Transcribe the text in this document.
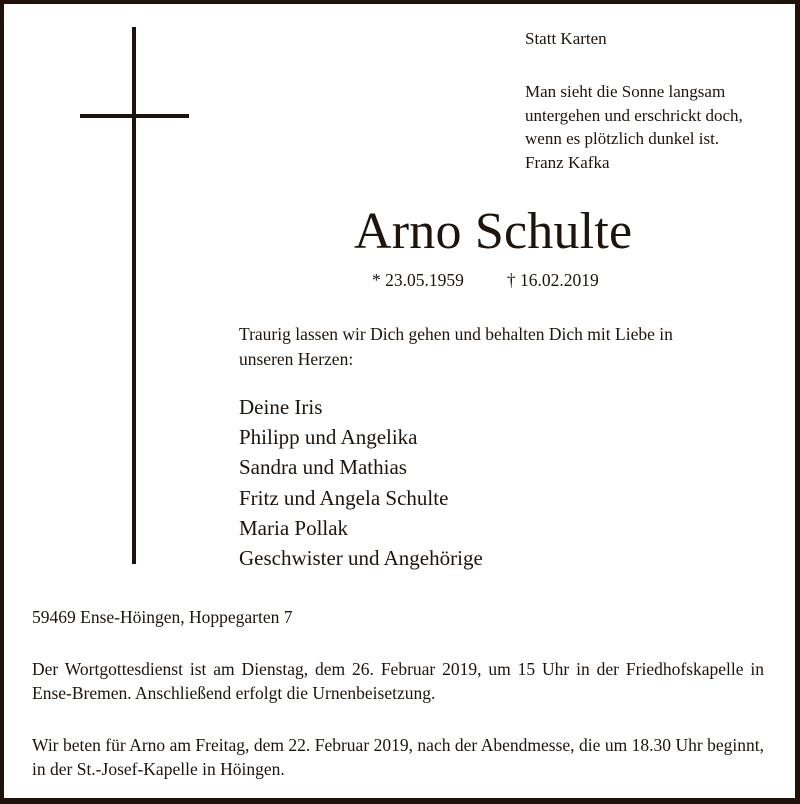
Statt Karten
Man sieht die Sonne langsam
untergehen und erschrickt doch,
wenn es plötzlich dunkel ist.
Franz Kafka
Arno Schulte
* 23.05.1959 † 16.02.2019
Traurig lassen wir Dich gehen und behalten Dich mit Liebe in
unseren Herzen:
Deine Iris
Philipp und Angelika
Sandra und Mathias
Fritz und Angela Schulte
Maria Pollak
Geschwister und Angehörige
59469 Ense-Höingen, Hoppegarten 7
Der Wortgottesdienst ist am Dienstag, dem 26. Februar 2019, um 15 Uhr in der Friedhofskapelle in Ense-Bremen. Anschließend erfolgt die Urnenbeisetzung.
Wir beten für Arno am Freitag, dem 22. Februar 2019, nach der Abendmesse, die um 18.30 Uhr beginnt, in der St.-Josef-Kapelle in Höingen.
